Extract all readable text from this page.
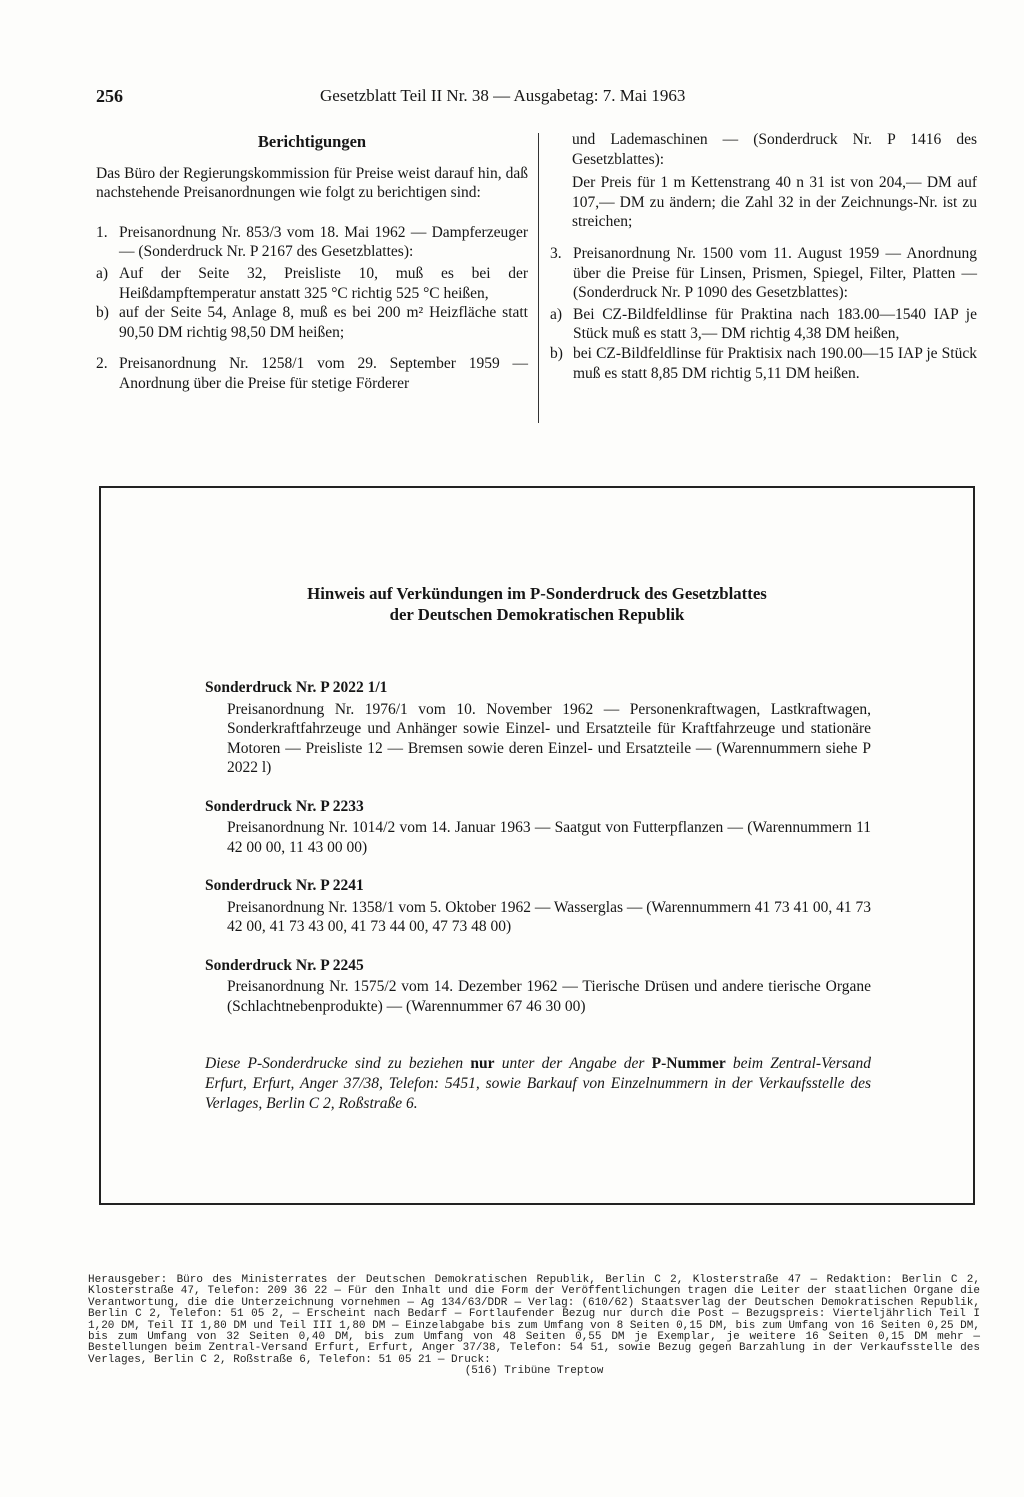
256	Gesetzblatt Teil II Nr. 38 — Ausgabetag: 7. Mai 1963
Berichtigungen

Das Büro der Regierungskommission für Preise weist darauf hin, daß nachstehende Preisanordnungen wie folgt zu berichtigen sind:

1. Preisanordnung Nr. 853/3 vom 18. Mai 1962 — Dampferzeuger — (Sonderdruck Nr. P 2167 des Gesetzblattes):
a) Auf der Seite 32, Preisliste 10, muß es bei der Heißdampftemperatur anstatt 325 °C richtig 525 °C heißen,
b) auf der Seite 54, Anlage 8, muß es bei 200 m² Heizfläche statt 90,50 DM richtig 98,50 DM heißen;
2. Preisanordnung Nr. 1258/1 vom 29. September 1959 — Anordnung über die Preise für stetige Förderer

und Lademaschinen — (Sonderdruck Nr. P 1416 des Gesetzblattes):

Der Preis für 1 m Kettenstrang 40 n 31 ist von 204,— DM auf 107,— DM zu ändern; die Zahl 32 in der Zeichnungs-Nr. ist zu streichen;

3. Preisanordnung Nr. 1500 vom 11. August 1959 — Anordnung über die Preise für Linsen, Prismen, Spiegel, Filter, Platten — (Sonderdruck Nr. P 1090 des Gesetzblattes):
a) Bei CZ-Bildfeldlinse für Praktina nach 183.00—1540 IAP je Stück muß es statt 3,— DM richtig 4,38 DM heißen,
b) bei CZ-Bildfeldlinse für Praktisix nach 190.00—15 IAP je Stück muß es statt 8,85 DM richtig 5,11 DM heißen.
Hinweis auf Verkündungen im P-Sonderdruck des Gesetzblattes
der Deutschen Demokratischen Republik
Sonderdruck Nr. P 2022 1/1
Preisanordnung Nr. 1976/1 vom 10. November 1962 — Personenkraftwagen, Lastkraftwagen, Sonderkraftfahrzeuge und Anhänger sowie Einzel- und Ersatzteile für Kraftfahrzeuge und stationäre Motoren — Preisliste 12 — Bremsen sowie deren Einzel- und Ersatzteile — (Warennummern siehe P 2022 l)
Sonderdruck Nr. P 2233
Preisanordnung Nr. 1014/2 vom 14. Januar 1963 — Saatgut von Futterpflanzen — (Warennummern 11 42 00 00, 11 43 00 00)
Sonderdruck Nr. P 2241
Preisanordnung Nr. 1358/1 vom 5. Oktober 1962 — Wasserglas — (Warennummern 41 73 41 00, 41 73 42 00, 41 73 43 00, 41 73 44 00, 47 73 48 00)
Sonderdruck Nr. P 2245
Preisanordnung Nr. 1575/2 vom 14. Dezember 1962 — Tierische Drüsen und andere tierische Organe (Schlachtnebenprodukte) — (Warennummer 67 46 30 00)
Diese P-Sonderdrucke sind zu beziehen nur unter der Angabe der P-Nummer beim Zentral-Versand Erfurt, Erfurt, Anger 37/38, Telefon: 5451, sowie Barkauf von Einzelnummern in der Verkaufsstelle des Verlages, Berlin C 2, Roßstraße 6.
Herausgeber: Büro des Ministerrates der Deutschen Demokratischen Republik, Berlin C 2, Klosterstraße 47 — Redaktion: Berlin C 2, Klosterstraße 47, Telefon: 209 36 22 — Für den Inhalt und die Form der Veröffentlichungen tragen die Leiter der staatlichen Organe die Verantwortung, die die Unterzeichnung vornehmen — Ag 134/63/DDR — Verlag: (610/62) Staatsverlag der Deutschen Demokratischen Republik, Berlin C 2, Telefon: 51 05 2, — Erscheint nach Bedarf — Fortlaufender Bezug nur durch die Post — Bezugspreis: Vierteljährlich Teil I 1,20 DM, Teil II 1,80 DM und Teil III 1,80 DM — Einzelabgabe bis zum Umfang von 8 Seiten 0,15 DM, bis zum Umfang von 16 Seiten 0,25 DM, bis zum Umfang von 32 Seiten 0,40 DM, bis zum Umfang von 48 Seiten 0,55 DM je Exemplar, je weitere 16 Seiten 0,15 DM mehr — Bestellungen beim Zentral-Versand Erfurt, Erfurt, Anger 37/38, Telefon: 54 51, sowie Bezug gegen Barzahlung in der Verkaufsstelle des Verlages, Berlin C 2, Roßstraße 6, Telefon: 51 05 21 — Druck:
(516) Tribüne Treptow
